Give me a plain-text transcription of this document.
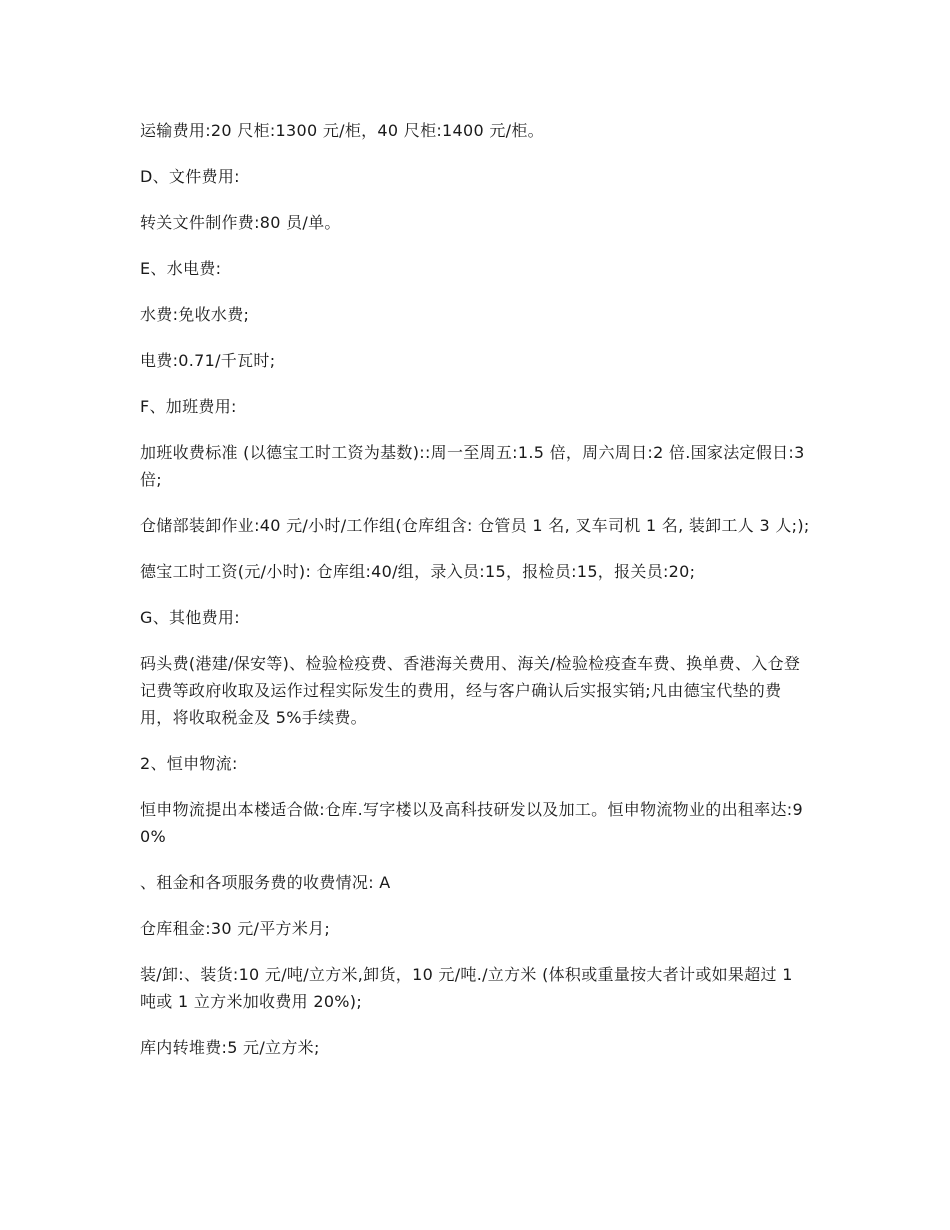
运输费用:20 尺柜:1300 元/柜，40 尺柜:1400 元/柜。

D、文件费用:

转关文件制作费:80 员/单。

E、水电费:

水费:免收水费;

电费:0.71/千瓦时;

F、加班费用:

加班收费标准 (以德宝工时工资为基数)::周一至周五:1.5 倍，周六周日:2 倍.国家法定假日:3 倍;

仓储部装卸作业:40 元/小时/工作组(仓库组含: 仓管员 1 名, 叉车司机 1 名, 装卸工人 3 人;);

德宝工时工资(元/小时): 仓库组:40/组，录入员:15，报检员:15，报关员:20;

G、其他费用:

码头费(港建/保安等)、检验检疫费、香港海关费用、海关/检验检疫查车费、换单费、入仓登记费等政府收取及运作过程实际发生的费用，经与客户确认后实报实销;凡由德宝代垫的费用，将收取税金及 5%手续费。

2、恒申物流:

恒申物流提出本楼适合做:仓库.写字楼以及高科技研发以及加工。恒申物流物业的出租率达:90%

、租金和各项服务费的收费情况: A

仓库租金:30 元/平方米月;

装/卸:、装货:10 元/吨/立方米,卸货，10 元/吨./立方米 (体积或重量按大者计或如果超过 1 吨或 1 立方米加收费用 20%);

库内转堆费:5 元/立方米;
